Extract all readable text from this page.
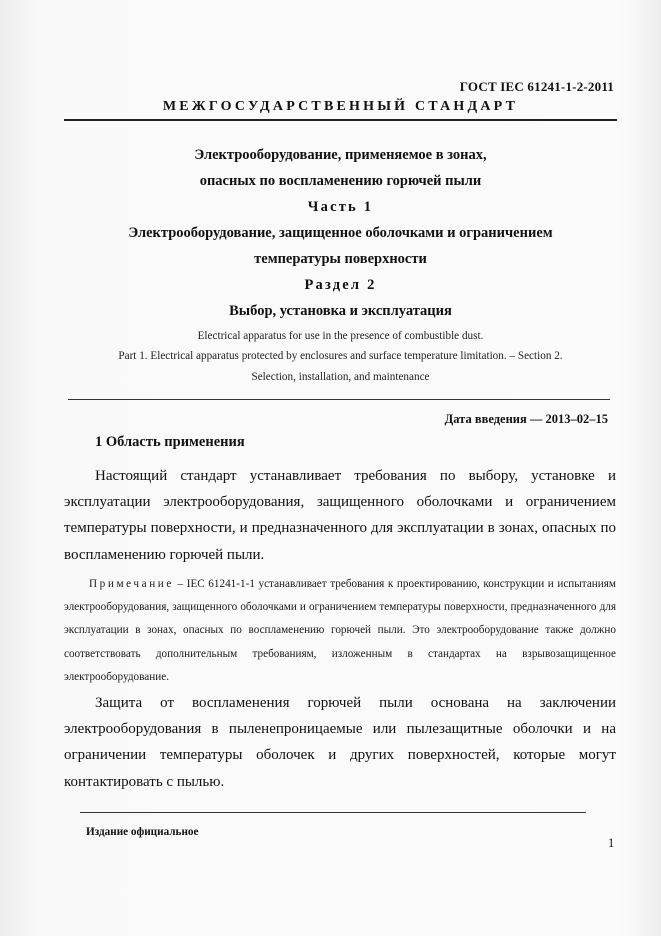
ГОСТ IEC 61241-1-2-2011
МЕЖГОСУДАРСТВЕННЫЙ СТАНДАРТ
Электрооборудование, применяемое в зонах,
опасных по воспламенению горючей пыли
Часть 1
Электрооборудование, защищенное оболочками и ограничением
температуры поверхности
Раздел 2
Выбор, установка и эксплуатация
Electrical apparatus for use in the presence of combustible dust.
Part 1. Electrical apparatus protected by enclosures and surface temperature limitation. – Section 2.
Selection, installation, and maintenance
Дата введения — 2013–02–15
1 Область применения
Настоящий стандарт устанавливает требования по выбору, установке и эксплуатации электрооборудования, защищенного оболочками и ограничением температуры поверхности, и предназначенного для эксплуатации в зонах, опасных по воспламенению горючей пыли.
Примечание – IEC 61241-1-1 устанавливает требования к проектированию, конструкции и испытаниям электрооборудования, защищенного оболочками и ограничением температуры поверхности, предназначенного для эксплуатации в зонах, опасных по воспламенению горючей пыли. Это электрооборудование также должно соответствовать дополнительным требованиям, изложенным в стандартах на взрывозащищенное электрооборудование.
Защита от воспламенения горючей пыли основана на заключении электрооборудования в пыленепроницаемые или пылезащитные оболочки и на ограничении температуры оболочек и других поверхностей, которые могут контактировать с пылью.
Издание официальное
1
